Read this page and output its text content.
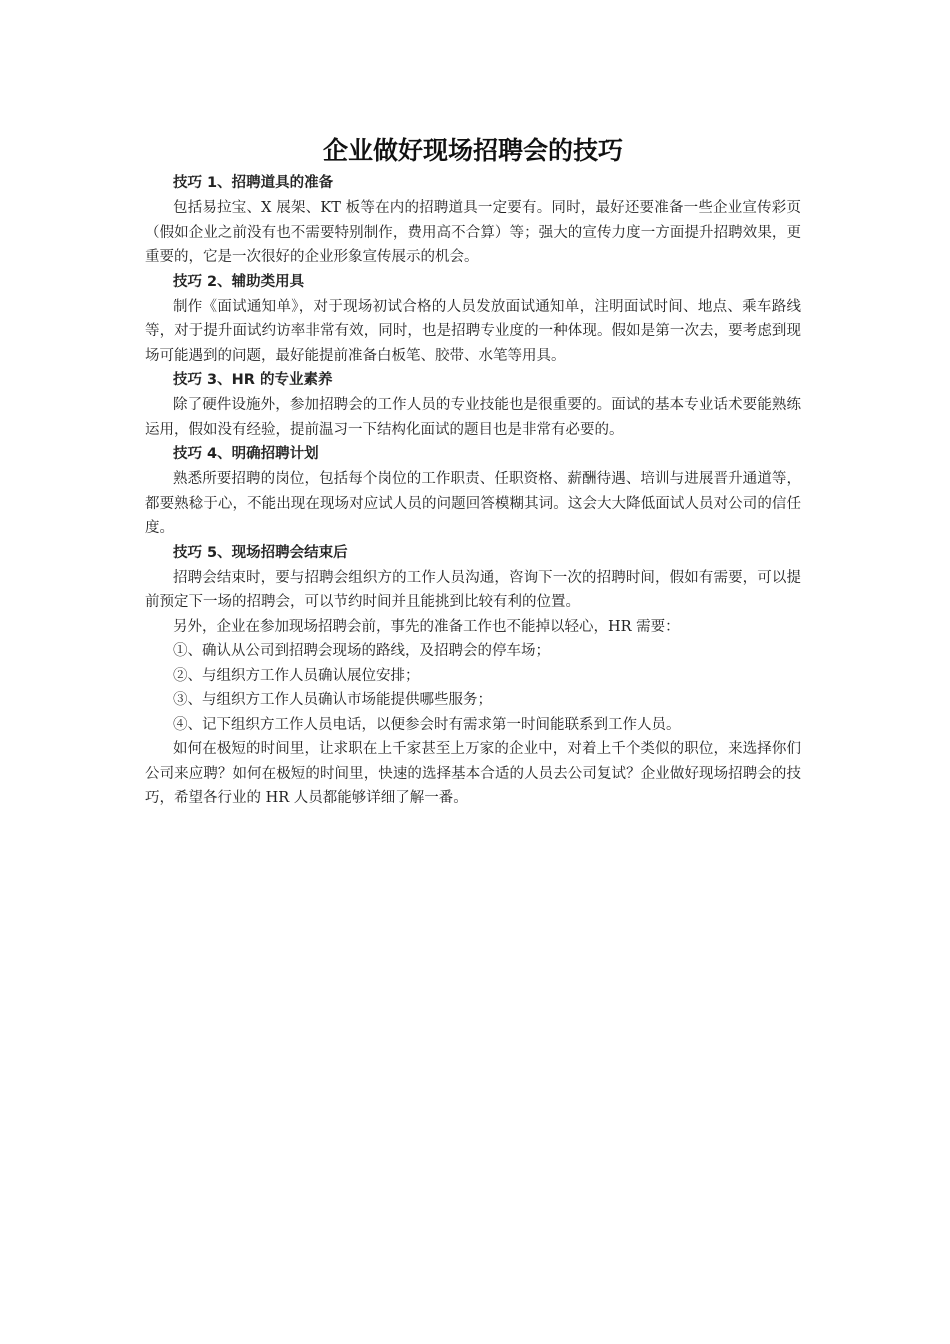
企业做好现场招聘会的技巧

技巧 1、招聘道具的准备

包括易拉宝、X 展架、KT 板等在内的招聘道具一定要有。同时，最好还要准备一些企业宣传彩页（假如企业之前没有也不需要特别制作，费用高不合算）等；强大的宣传力度一方面提升招聘效果，更重要的，它是一次很好的企业形象宣传展示的机会。

技巧 2、辅助类用具

制作《面试通知单》，对于现场初试合格的人员发放面试通知单，注明面试时间、地点、乘车路线等，对于提升面试约访率非常有效，同时，也是招聘专业度的一种体现。假如是第一次去，要考虑到现场可能遇到的问题，最好能提前准备白板笔、胶带、水笔等用具。

技巧 3、HR 的专业素养

除了硬件设施外，参加招聘会的工作人员的专业技能也是很重要的。面试的基本专业话术要能熟练运用，假如没有经验，提前温习一下结构化面试的题目也是非常有必要的。

技巧 4、明确招聘计划

熟悉所要招聘的岗位，包括每个岗位的工作职责、任职资格、薪酬待遇、培训与进展晋升通道等，都要熟稔于心，不能出现在现场对应试人员的问题回答模糊其词。这会大大降低面试人员对公司的信任度。

技巧 5、现场招聘会结束后

招聘会结束时，要与招聘会组织方的工作人员沟通，咨询下一次的招聘时间，假如有需要，可以提前预定下一场的招聘会，可以节约时间并且能挑到比较有利的位置。

另外，企业在参加现场招聘会前，事先的准备工作也不能掉以轻心，HR 需要：

①、确认从公司到招聘会现场的路线，及招聘会的停车场；

②、与组织方工作人员确认展位安排；

③、与组织方工作人员确认市场能提供哪些服务；

④、记下组织方工作人员电话，以便参会时有需求第一时间能联系到工作人员。

如何在极短的时间里，让求职在上千家甚至上万家的企业中，对着上千个类似的职位，来选择你们公司来应聘？如何在极短的时间里，快速的选择基本合适的人员去公司复试？企业做好现场招聘会的技巧，希望各行业的 HR 人员都能够详细了解一番。
